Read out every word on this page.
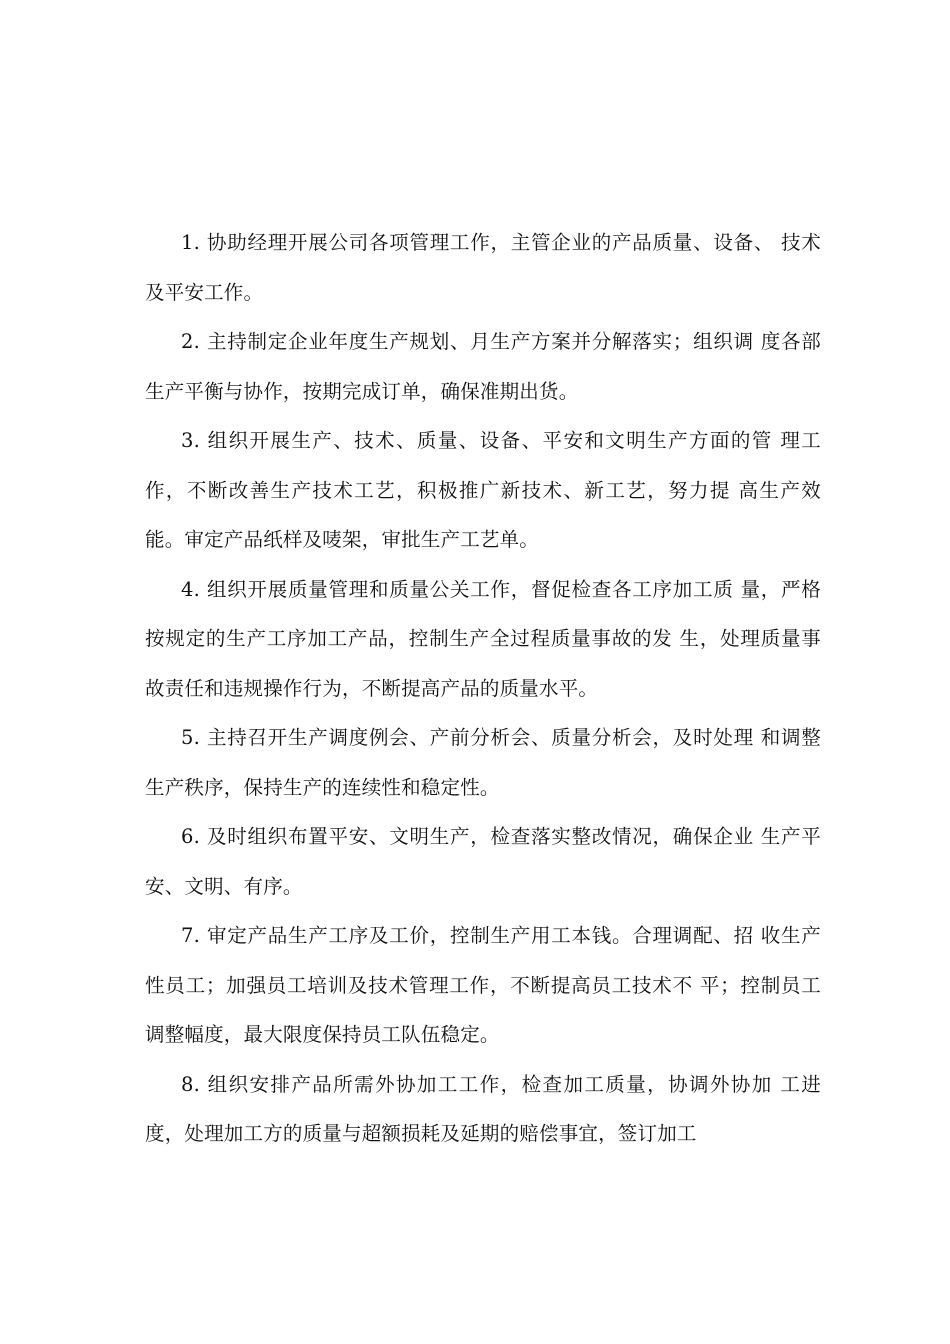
1. 协助经理开展公司各项管理工作，主管企业的产品质量、设备、 技术及平安工作。

2. 主持制定企业年度生产规划、月生产方案并分解落实；组织调 度各部生产平衡与协作，按期完成订单，确保准期出货。

3. 组织开展生产、技术、质量、设备、平安和文明生产方面的管 理工作，不断改善生产技术工艺，积极推广新技术、新工艺，努力提 高生产效能。审定产品纸样及唛架，审批生产工艺单。

4. 组织开展质量管理和质量公关工作，督促检查各工序加工质 量，严格按规定的生产工序加工产品，控制生产全过程质量事故的发 生，处理质量事故责任和违规操作行为，不断提高产品的质量水平。

5. 主持召开生产调度例会、产前分析会、质量分析会，及时处理 和调整生产秩序，保持生产的连续性和稳定性。

6. 及时组织布置平安、文明生产，检查落实整改情况，确保企业 生产平安、文明、有序。

7. 审定产品生产工序及工价，控制生产用工本钱。合理调配、招 收生产性员工；加强员工培训及技术管理工作，不断提高员工技术不 平；控制员工调整幅度，最大限度保持员工队伍稳定。

8. 组织安排产品所需外协加工工作，检查加工质量，协调外协加 工进度，处理加工方的质量与超额损耗及延期的赔偿事宜，签订加工
